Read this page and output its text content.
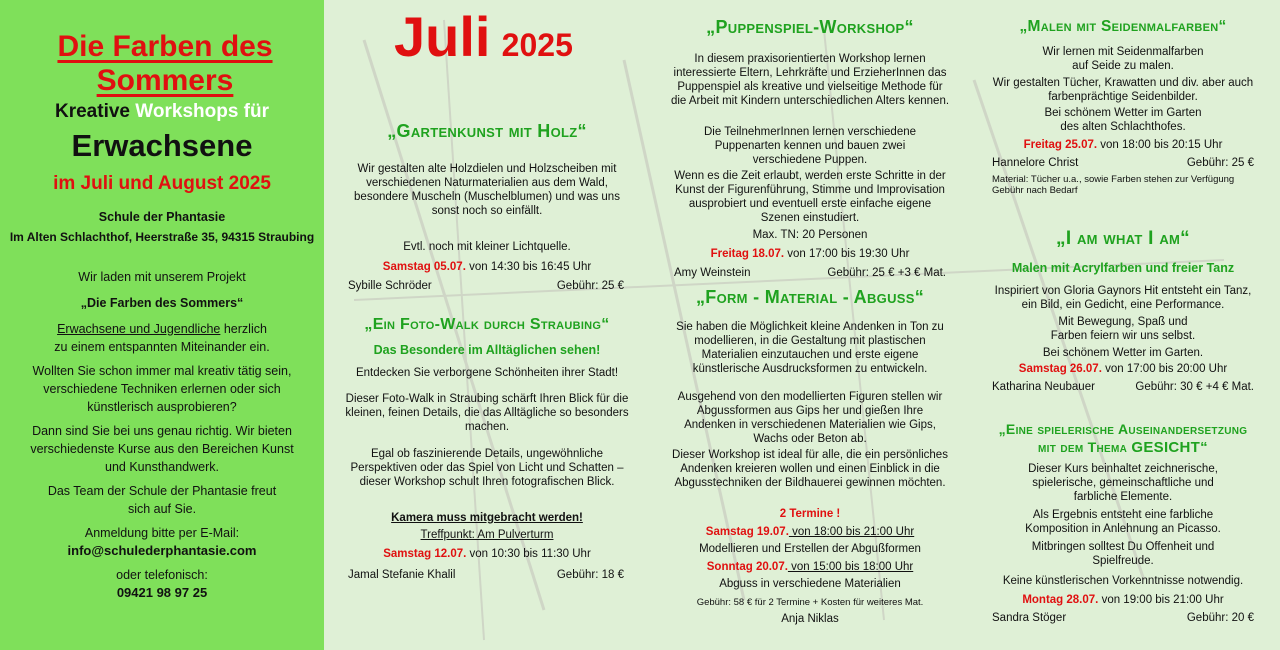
Die Farben des Sommers
Kreative Workshops für
Erwachsene
im Juli und August 2025
Schule der Phantasie
Im Alten Schlachthof, Heerstraße 35, 94315 Straubing
Wir laden mit unserem Projekt
„Die Farben des Sommers“
Erwachsene und Jugendliche herzlich
zu einem entspannten Miteinander ein.
Wollten Sie schon immer mal kreativ tätig sein, verschiedene Techniken erlernen oder sich künstlerisch ausprobieren?
Dann sind Sie bei uns genau richtig. Wir bieten verschiedenste Kurse aus den Bereichen Kunst und Kunsthandwerk.
Das Team der Schule der Phantasie freut sich auf Sie.
Anmeldung bitte per E-Mail:
info@schulederphantasie.com
oder telefonisch:
09421 98 97 25
Juli 2025
„Gartenkunst mit Holz“
Wir gestalten alte Holzdielen und Holzscheiben mit verschiedenen Naturmaterialien aus dem Wald, besondere Muscheln (Muschelblumen) und was uns sonst noch so einfällt.
Evtl. noch mit kleiner Lichtquelle.
Samstag 05.07. von 14:30 bis 16:45 Uhr
Sybille Schröder	Gebühr: 25 €
„Ein Foto-Walk durch Straubing“
Das Besondere im Alltäglichen sehen!
Entdecken Sie verborgene Schönheiten ihrer Stadt!
Dieser Foto-Walk in Straubing schärft Ihren Blick für die kleinen, feinen Details, die das Alltägliche so besonders machen.
Egal ob faszinierende Details, ungewöhnliche Perspektiven oder das Spiel von Licht und Schatten – dieser Workshop schult Ihren fotografischen Blick.
Kamera muss mitgebracht werden!
Treffpunkt: Am Pulverturm
Samstag 12.07. von 10:30 bis 11:30 Uhr
Jamal Stefanie Khalil	Gebühr: 18 €
„Puppenspiel-Workshop“
In diesem praxisorientierten Workshop lernen interessierte Eltern, Lehrkräfte und ErzieherInnen das Puppenspiel als kreative und vielseitige Methode für die Arbeit mit Kindern unterschiedlichen Alters kennen.
Die TeilnehmerInnen lernen verschiedene Puppenarten kennen und bauen zwei verschiedene Puppen.
Wenn es die Zeit erlaubt, werden erste Schritte in der Kunst der Figurenführung, Stimme und Improvisation ausprobiert und eventuell erste einfache eigene Szenen einstudiert.
Max. TN: 20 Personen
Freitag 18.07. von 17:00 bis 19:30 Uhr
Amy Weinstein	Gebühr: 25 € +3 € Mat.
„Form - Material - Abguss“
Sie haben die Möglichkeit kleine Andenken in Ton zu modellieren, in die Gestaltung mit plastischen Materialien einzutauchen und erste eigene künstlerische Ausdrucksformen zu entwickeln.
Ausgehend von den modellierten Figuren stellen wir Abgussformen aus Gips her und gießen Ihre Andenken in verschiedenen Materialien wie Gips, Wachs oder Beton ab.
Dieser Workshop ist ideal für alle, die ein persönliches Andenken kreieren wollen und einen Einblick in die Abgusstechniken der Bildhauerei gewinnen möchten.
2 Termine !
Samstag 19.07. von 18:00 bis 21:00 Uhr
Modellieren und Erstellen der Abgußformen
Sonntag 20.07. von 15:00 bis 18:00 Uhr
Abguss in verschiedene Materialien
Gebühr: 58 € für 2 Termine + Kosten für weiteres Mat.
Anja Niklas
„Malen mit Seidenmalfarben“
Wir lernen mit Seidenmalfarben auf Seide zu malen.
Wir gestalten Tücher, Krawatten und div. aber auch farbenprächtige Seidenbilder.
Bei schönem Wetter im Garten des alten Schlachthofes.
Freitag 25.07. von 18:00 bis 20:15 Uhr
Hannelore Christ	Gebühr: 25 €
Material: Tücher u.a., sowie Farben stehen zur Verfügung Gebühr nach Bedarf
„I am what I am“
Malen mit Acrylfarben und freier Tanz
Inspiriert von Gloria Gaynors Hit entsteht ein Tanz, ein Bild, ein Gedicht, eine Performance.
Mit Bewegung, Spaß und Farben feiern wir uns selbst.
Bei schönem Wetter im Garten.
Samstag 26.07. von 17:00 bis 20:00 Uhr
Katharina Neubauer	Gebühr: 30 € +4 € Mat.
„Eine spielerische Auseinandersetzung
mit dem Thema GESICHT“
Dieser Kurs beinhaltet zeichnerische, spielerische, gemeinschaftliche und farbliche Elemente.
Als Ergebnis entsteht eine farbliche Komposition in Anlehnung an Picasso.
Mitbringen solltest Du Offenheit und Spielfreude.
Keine künstlerischen Vorkenntnisse notwendig.
Montag 28.07. von 19:00 bis 21:00 Uhr
Sandra Stöger	Gebühr: 20 €
